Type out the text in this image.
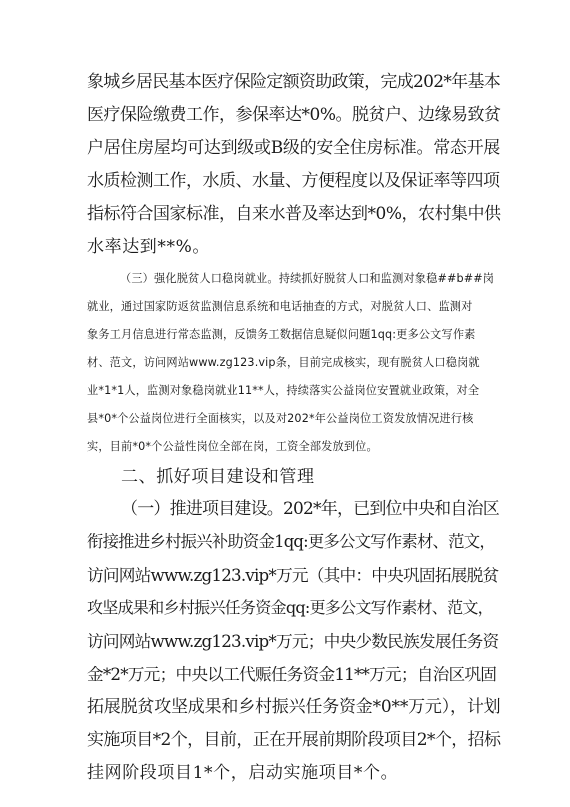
象城乡居民基本医疗保险定额资助政策，完成202*年基本

医疗保险缴费工作，参保率达*0%。脱贫户、边缘易致贫

户居住房屋均可达到级或B级的安全住房标准。常态开展

水质检测工作，水质、水量、方便程度以及保证率等四项

指标符合国家标准，自来水普及率达到*0%，农村集中供

水率达到**%。

（三）强化脱贫人口稳岗就业。持续抓好脱贫人口和监测对象稳##b##岗

就业，通过国家防返贫监测信息系统和电话抽查的方式，对脱贫人口、监测对

象务工月信息进行常态监测，反馈务工数据信息疑似问题1qq:更多公文写作素

材、范文，访问网站www.zg123.vip条，目前完成核实，现有脱贫人口稳岗就

业*1*1人，监测对象稳岗就业11**人，持续落实公益岗位安置就业政策，对全

县*0*个公益岗位进行全面核实，以及对202*年公益岗位工资发放情况进行核

实，目前*0*个公益性岗位全部在岗，工资全部发放到位。

二、抓好项目建设和管理

（一）推进项目建设。202*年，已到位中央和自治区

衔接推进乡村振兴补助资金1qq:更多公文写作素材、范文，

访问网站www.zg123.vip*万元（其中：中央巩固拓展脱贫

攻坚成果和乡村振兴任务资金qq:更多公文写作素材、范文，

访问网站www.zg123.vip*万元；中央少数民族发展任务资

金*2*万元；中央以工代赈任务资金11**万元；自治区巩固

拓展脱贫攻坚成果和乡村振兴任务资金*0**万元），计划

实施项目*2个，目前，正在开展前期阶段项目2*个，招标

挂网阶段项目1*个，启动实施项目*个。
